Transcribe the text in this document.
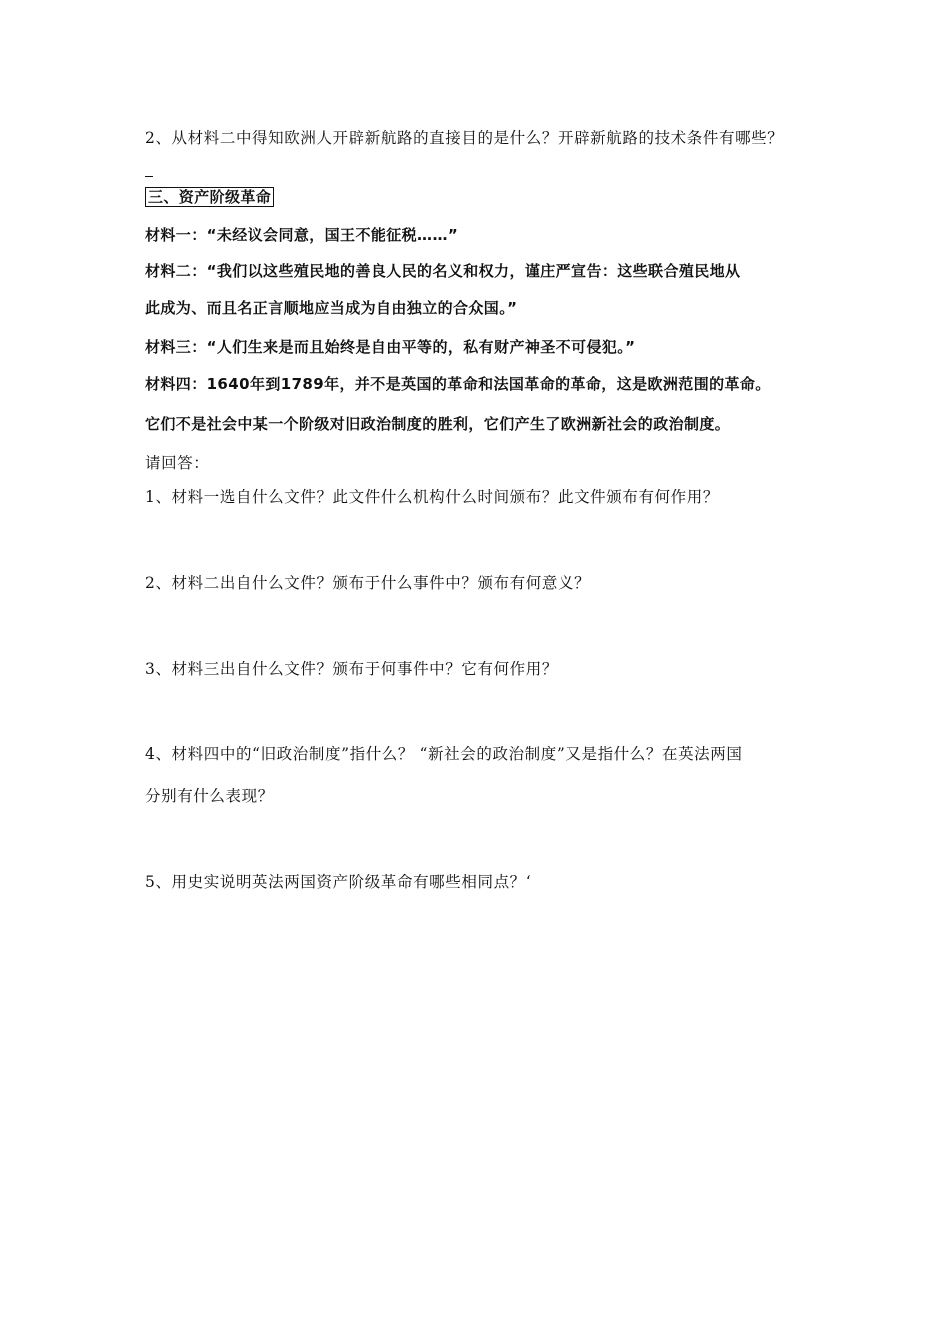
2、从材料二中得知欧洲人开辟新航路的直接目的是什么？开辟新航路的技术条件有哪些？
三、资产阶级革命
材料一：“未经议会同意，国王不能征税……”
材料二：“我们以这些殖民地的善良人民的名义和权力，谨庄严宣告：这些联合殖民地从
此成为、而且名正言顺地应当成为自由独立的合众国。”
材料三：“人们生来是而且始终是自由平等的，私有财产神圣不可侵犯。”
材料四：1640年到1789年，并不是英国的革命和法国革命的革命，这是欧洲范围的革命。
它们不是社会中某一个阶级对旧政治制度的胜利，它们产生了欧洲新社会的政治制度。
请回答：
1、材料一选自什么文件？此文件什么机构什么时间颁布？此文件颁布有何作用？
2、材料二出自什么文件？颁布于什么事件中？颁布有何意义？
3、材料三出自什么文件？颁布于何事件中？它有何作用？
4、材料四中的“旧政治制度”指什么？ “新社会的政治制度”又是指什么？在英法两国
分别有什么表现？
5、用史实说明英法两国资产阶级革命有哪些相同点？‘
